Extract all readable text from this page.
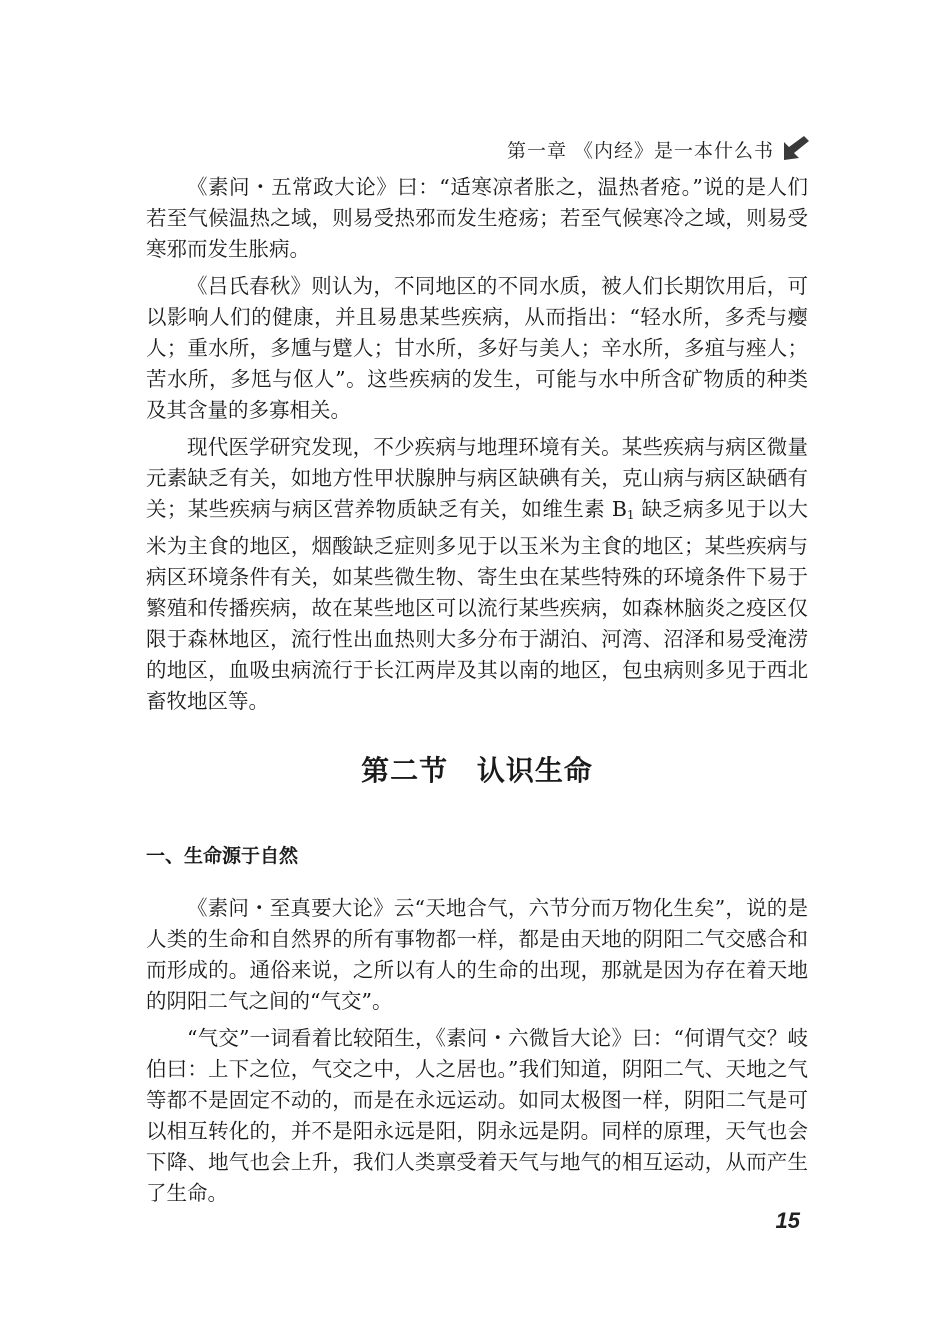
第一章 《内经》是一本什么书

《素问・五常政大论》曰：“适寒凉者胀之，温热者疮。”说的是人们若至气候温热之域，则易受热邪而发生疮疡；若至气候寒冷之域，则易受寒邪而发生胀病。

《吕氏春秋》则认为，不同地区的不同水质，被人们长期饮用后，可以影响人们的健康，并且易患某些疾病，从而指出：“轻水所，多秃与瘿人；重水所，多尰与躄人；甘水所，多好与美人；辛水所，多疽与痤人；苦水所，多尪与伛人”。这些疾病的发生，可能与水中所含矿物质的种类及其含量的多寡相关。

现代医学研究发现，不少疾病与地理环境有关。某些疾病与病区微量元素缺乏有关，如地方性甲状腺肿与病区缺碘有关，克山病与病区缺硒有关；某些疾病与病区营养物质缺乏有关，如维生素 $B_1$ 缺乏病多见于以大米为主食的地区，烟酸缺乏症则多见于以玉米为主食的地区；某些疾病与病区环境条件有关，如某些微生物、寄生虫在某些特殊的环境条件下易于繁殖和传播疾病，故在某些地区可以流行某些疾病，如森林脑炎之疫区仅限于森林地区，流行性出血热则大多分布于湖泊、河湾、沼泽和易受淹涝的地区，血吸虫病流行于长江两岸及其以南的地区，包虫病则多见于西北畜牧地区等。

第二节 认识生命
一、生命源于自然

《素问・至真要大论》云“天地合气，六节分而万物化生矣”，说的是人类的生命和自然界的所有事物都一样，都是由天地的阴阳二气交感合和而形成的。通俗来说，之所以有人的生命的出现，那就是因为存在着天地的阴阳二气之间的“气交”。

“气交”一词看着比较陌生，《素问・六微旨大论》曰：“何谓气交？岐伯曰：上下之位，气交之中，人之居也。”我们知道，阴阳二气、天地之气等都不是固定不动的，而是在永远运动。如同太极图一样，阴阳二气是可以相互转化的，并不是阳永远是阳，阴永远是阴。同样的原理，天气也会下降、地气也会上升，我们人类禀受着天气与地气的相互运动，从而产生了生命。

15
